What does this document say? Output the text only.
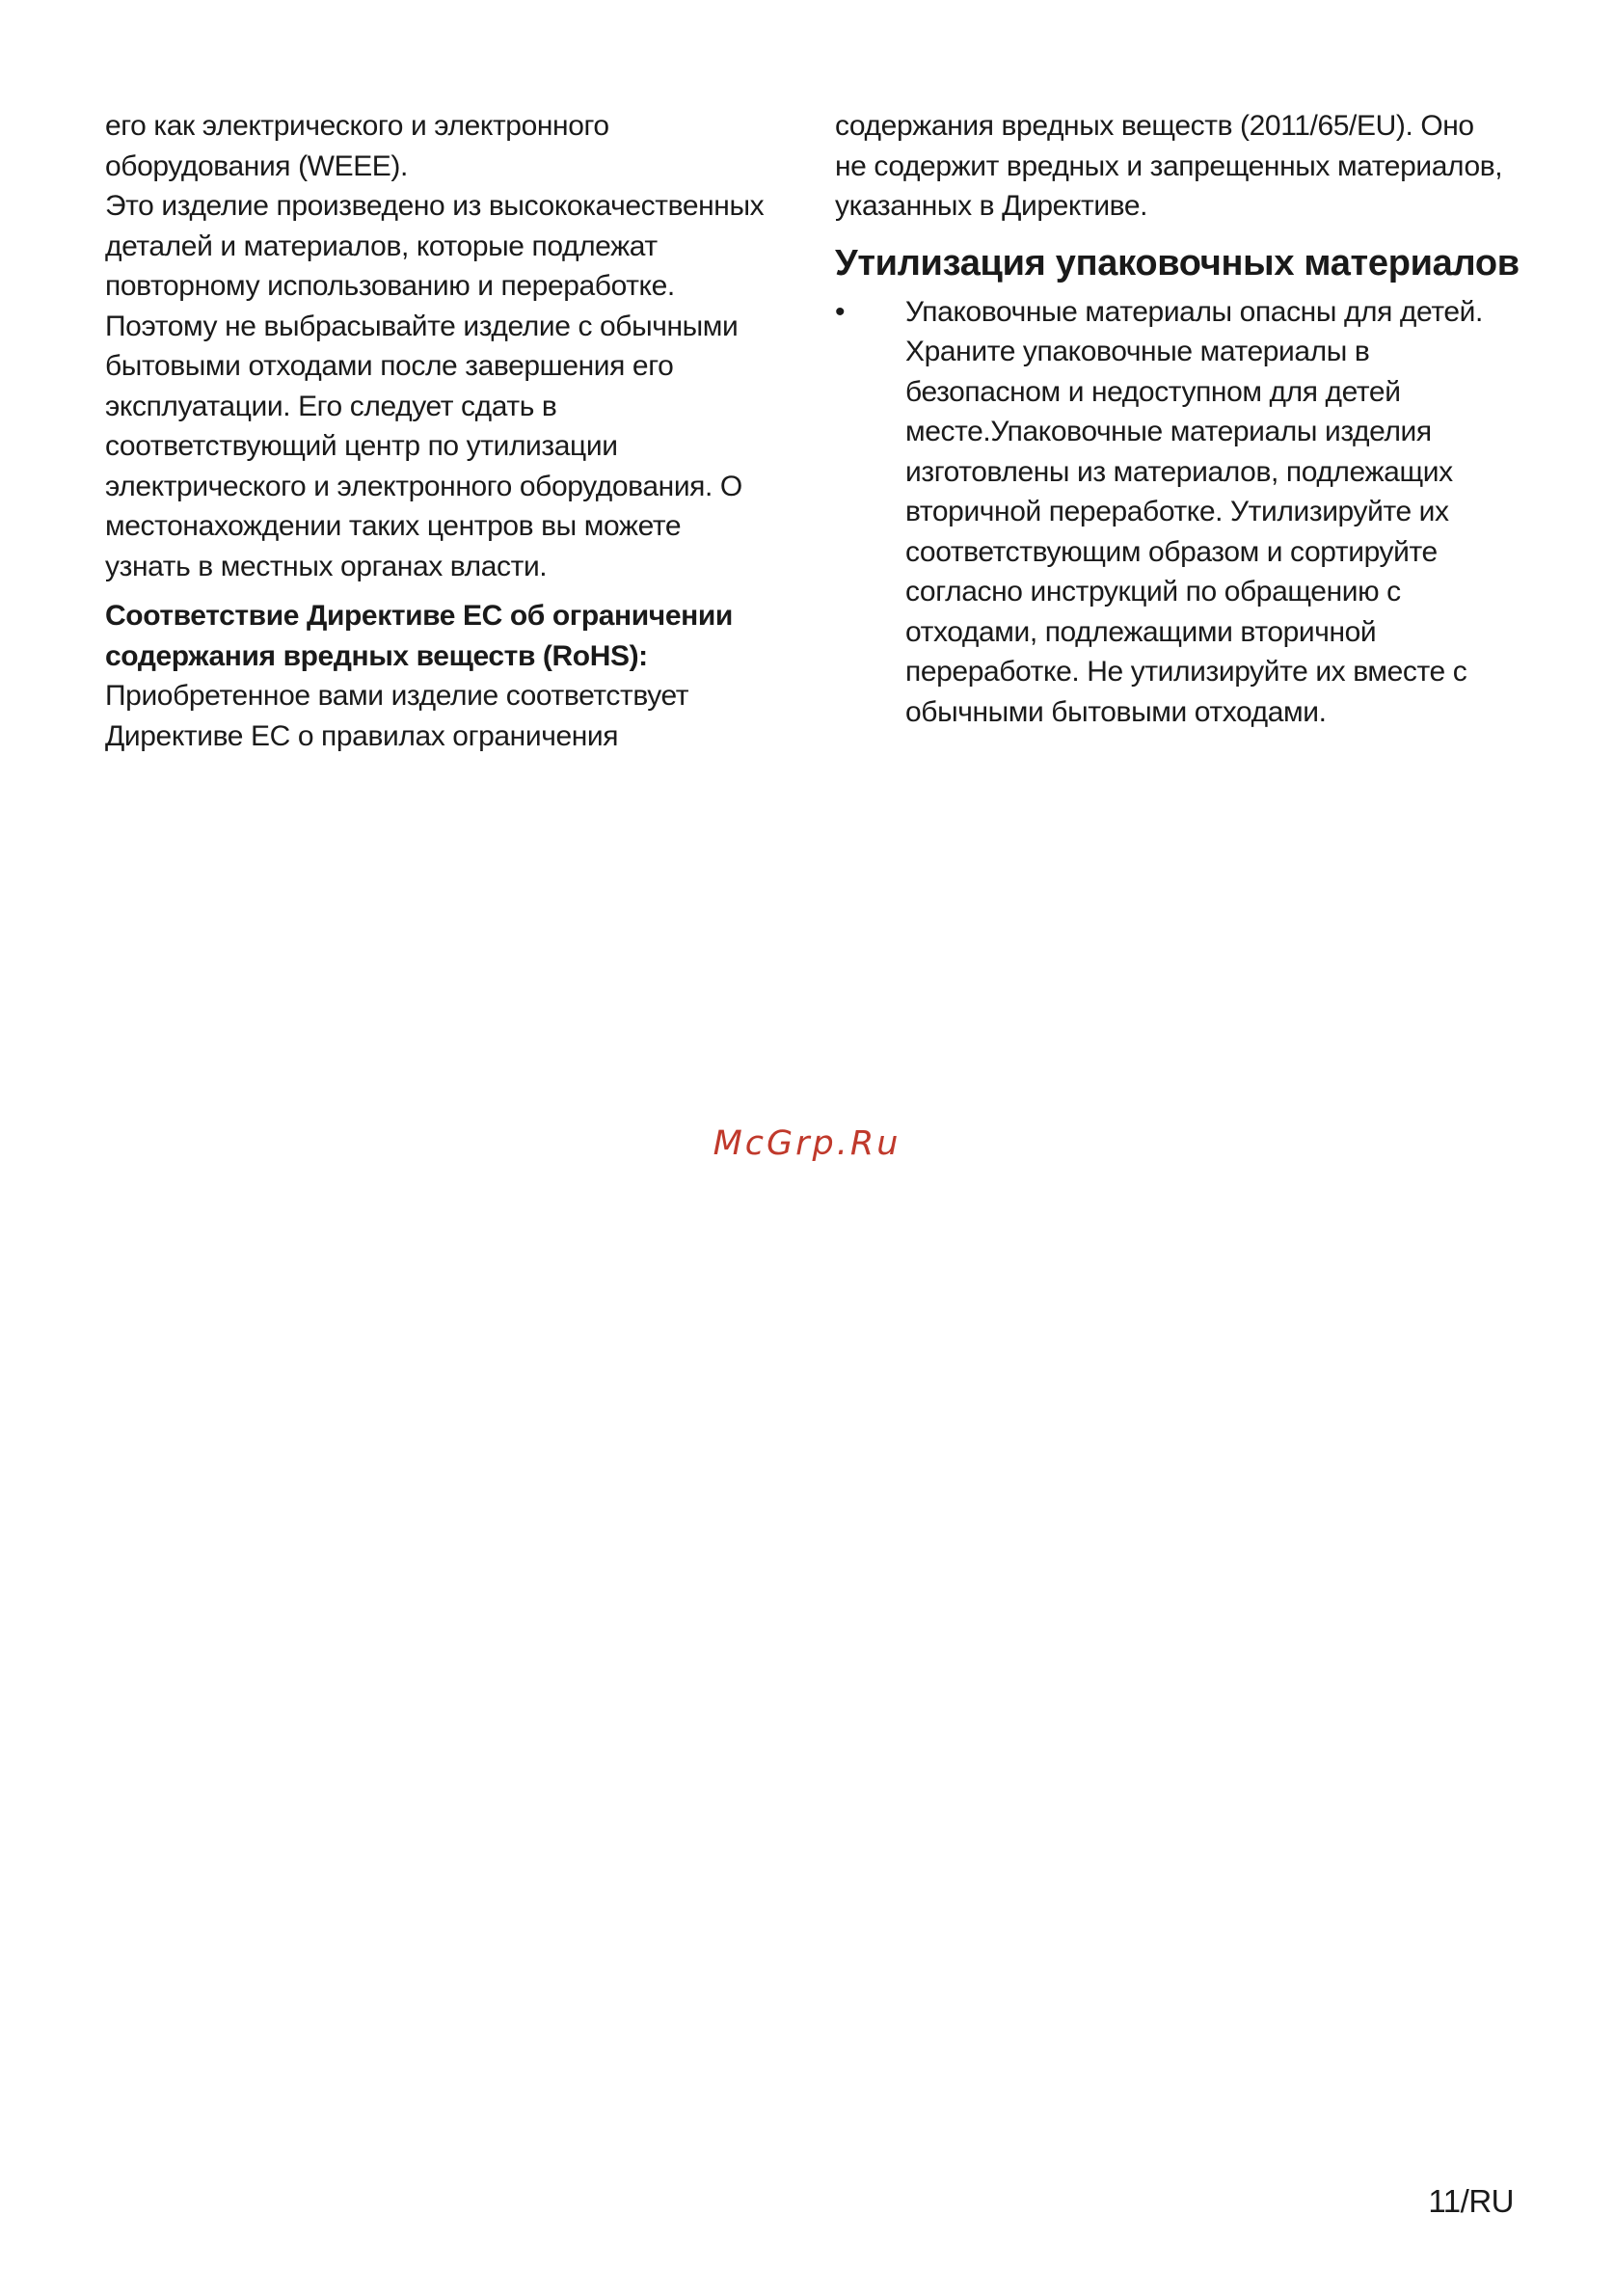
его как электрического и электронного
оборудования (WEEE).
Это изделие произведено из высококачественных
деталей и материалов, которые подлежат
повторному использованию и переработке.
Поэтому не выбрасывайте изделие с обычными
бытовыми отходами после завершения его
эксплуатации. Его следует сдать в
соответствующий центр по утилизации
электрического и электронного оборудования. О
местонахождении таких центров вы можете
узнать в местных органах власти.
Соответствие Директиве ЕС об ограничении
содержания вредных веществ (RoHS):
Приобретенное вами изделие соответствует
Директиве ЕС о правилах ограничения
содержания вредных веществ (2011/65/EU). Оно
не содержит вредных и запрещенных материалов,
указанных в Директиве.
Утилизация упаковочных материалов
• Упаковочные материалы опасны для детей.
Храните упаковочные материалы в
безопасном и недоступном для детей
месте.Упаковочные материалы изделия
изготовлены из материалов, подлежащих
вторичной переработке. Утилизируйте их
соответствующим образом и сортируйте
согласно инструкций по обращению с
отходами, подлежащими вторичной
переработке. Не утилизируйте их вместе с
обычными бытовыми отходами.
McGrp.Ru
11/RU
